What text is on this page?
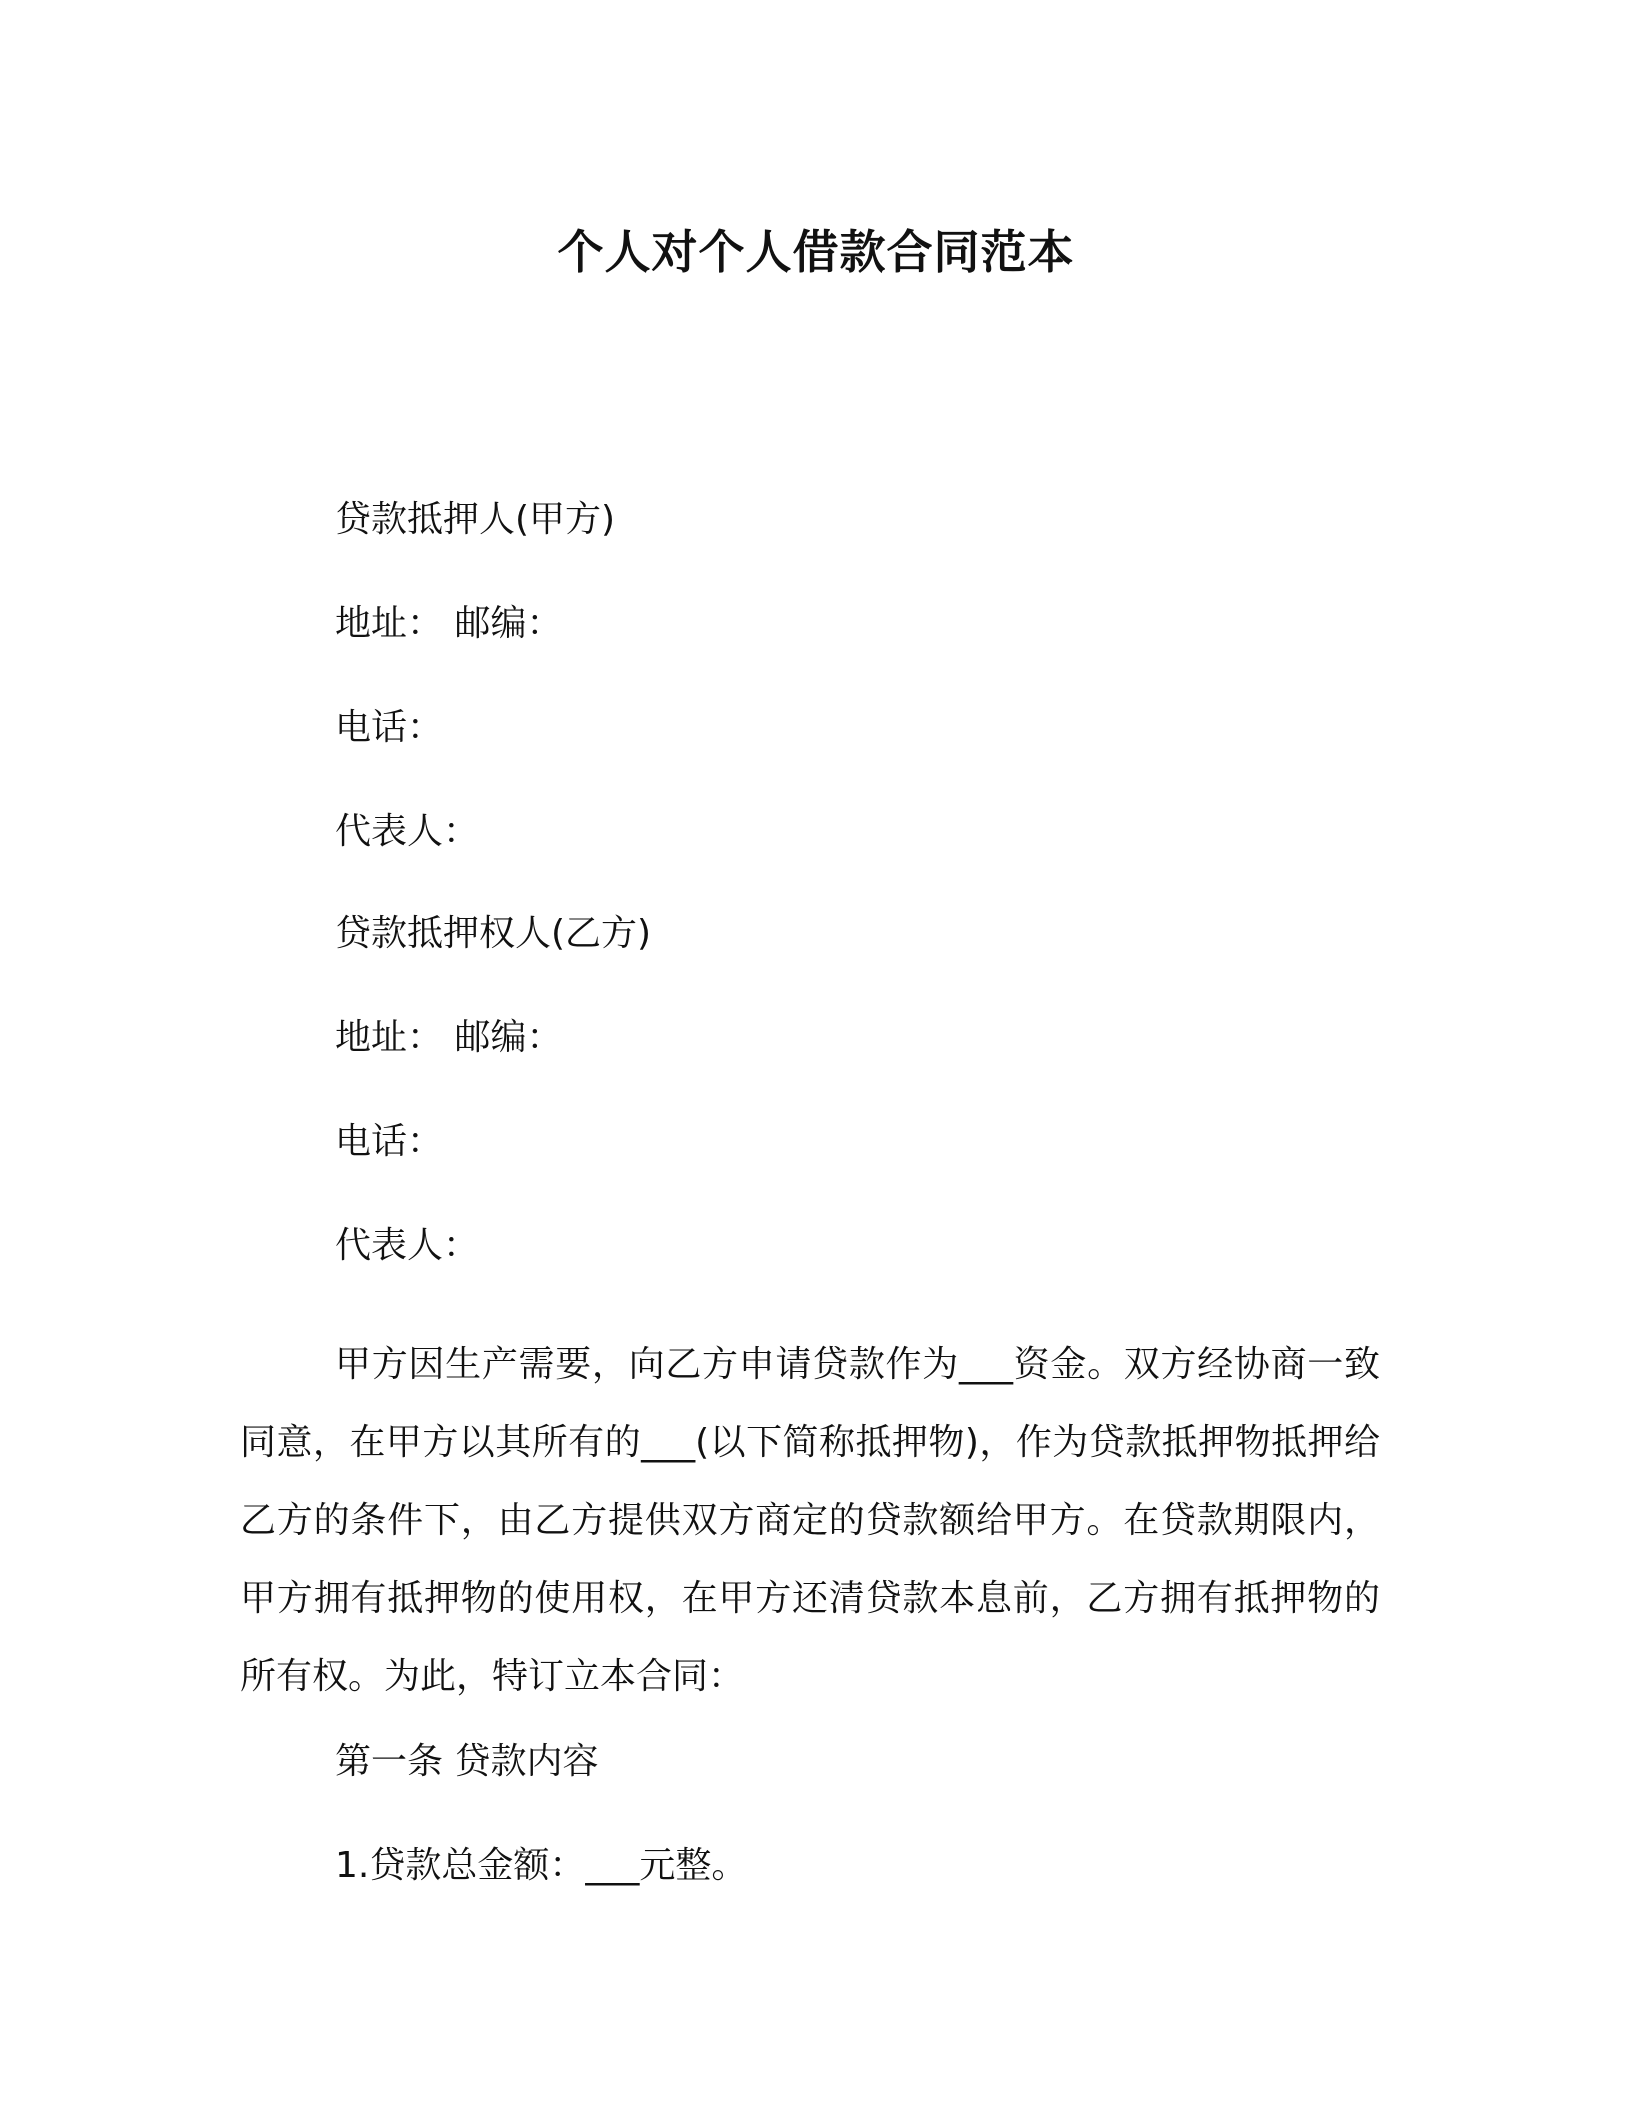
个人对个人借款合同范本
贷款抵押人(甲方)
地址： 邮编：
电话：
代表人：
贷款抵押权人(乙方)
地址： 邮编：
电话：
代表人：
甲方因生产需要，向乙方申请贷款作为___资金。双方经协商一致同意，在甲方以其所有的___(以下简称抵押物)，作为贷款抵押物抵押给乙方的条件下，由乙方提供双方商定的贷款额给甲方。在贷款期限内，甲方拥有抵押物的使用权，在甲方还清贷款本息前，乙方拥有抵押物的所有权。为此，特订立本合同：
第一条 贷款内容
1.贷款总金额：___元整。
